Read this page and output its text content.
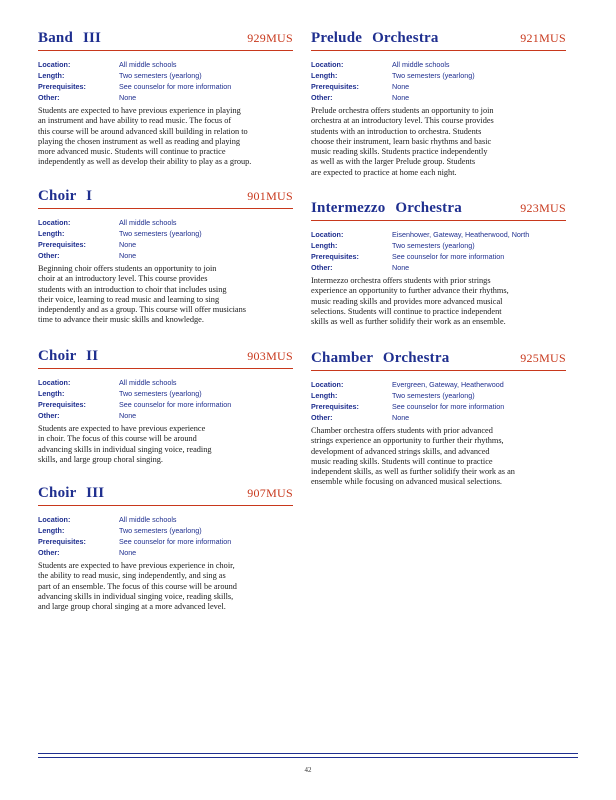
Band III	929MUS
Location:	All middle schools
Length:	Two semesters (yearlong)
Prerequisites:	See counselor for more information
Other:	None
Students are expected to have previous experience in playing
an instrument and have ability to read music. The focus of
this course will be around advanced skill building in relation to
playing the chosen instrument as well as reading and playing
more advanced music. Students will continue to practice
independently as well as develop their ability to play as a group.
Choir I	901MUS
Location:	All middle schools
Length:	Two semesters (yearlong)
Prerequisites:	None
Other:	None
Beginning choir offers students an opportunity to join
choir at an introductory level. This course provides
students with an introduction to choir that includes using
their voice, learning to read music and learning to sing
independently and as a group. This course will offer musicians
time to advance their music skills and knowledge.
Choir II	903MUS
Location:	All middle schools
Length:	Two semesters (yearlong)
Prerequisites:	See counselor for more information
Other:	None
Students are expected to have previous experience
in choir. The focus of this course will be around
advancing skills in individual singing voice, reading
skills, and large group choral singing.
Choir III	907MUS
Location:	All middle schools
Length:	Two semesters (yearlong)
Prerequisites:	See counselor for more information
Other:	None
Students are expected to have previous experience in choir,
the ability to read music, sing independently, and sing as
part of an ensemble. The focus of this course will be around
advancing skills in individual singing voice, reading skills,
and large group choral singing at a more advanced level.
Prelude Orchestra	921MUS
Location:	All middle schools
Length:	Two semesters (yearlong)
Prerequisites:	None
Other:	None
Prelude orchestra offers students an opportunity to join
orchestra at an introductory level. This course provides
students with an introduction to orchestra. Students
choose their instrument, learn basic rhythms and basic
music reading skills. Students practice independently
as well as with the larger Prelude group. Students
are expected to practice at home each night.
Intermezzo Orchestra	923MUS
Location:	Eisenhower, Gateway, Heatherwood, North
Length:	Two semesters (yearlong)
Prerequisites:	See counselor for more information
Other:	None
Intermezzo orchestra offers students with prior strings
experience an opportunity to further advance their rhythms,
music reading skills and provides more advanced musical
selections. Students will continue to practice independent
skills as well as further solidify their work as an ensemble.
Chamber Orchestra	925MUS
Location:	Evergreen, Gateway, Heatherwood
Length:	Two semesters (yearlong)
Prerequisites:	See counselor for more information
Other:	None
Chamber orchestra offers students with prior advanced
strings experience an opportunity to further their rhythms,
development of advanced strings skills, and advanced
music reading skills. Students will continue to practice
independent skills, as well as further solidify their work as an
ensemble while focusing on advanced musical selections.
42
